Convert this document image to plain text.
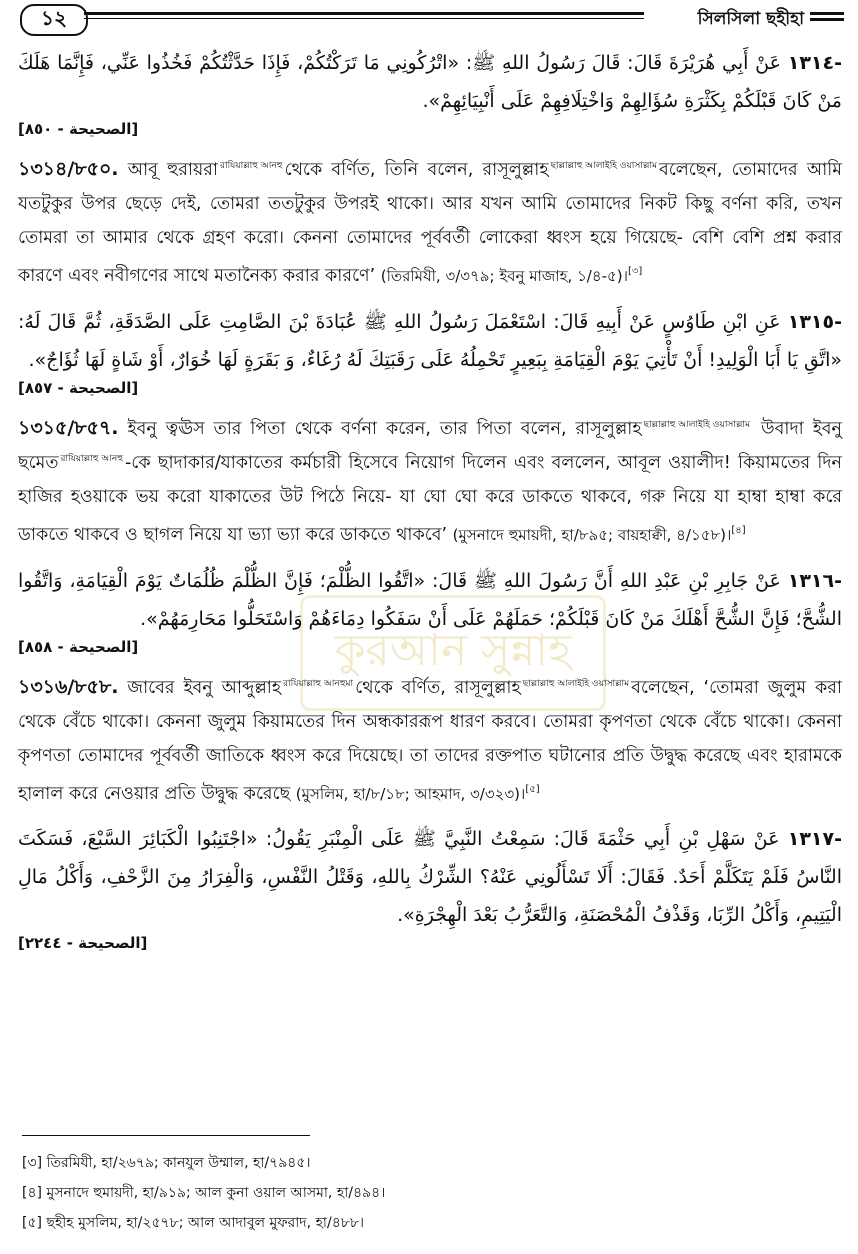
১২	সিলসিলা ছহীহা
কুরআন সুন্নাহ

-١٣١٤ عَنْ أَبِي هُرَيْرَةَ قَالَ: قَالَ رَسُولُ اللهِ ﷺ: «اتْرُكُونِي مَا تَرَكْتُكُمْ، فَإِذَا حَدَّثْتُكُمْ فَخُذُوا عَنِّي، فَإِنَّمَا هَلَكَ مَنْ كَانَ قَبْلَكُمْ بِكَثْرَةِ سُؤَالِهِمْ وَاخْتِلَافِهِمْ عَلَى أَنْبِيَائِهِمْ».

[الصحيحة - ٨٥٠]

১৩১৪/৮৫০. আবূ হুরায়রা রাযিয়াল্লাহু আনহু থেকে বর্ণিত, তিনি বলেন, রাসূলুল্লাহ ছাল্লাল্লাহু আলাইহি ওয়াসাল্লাম বলেছেন, তোমাদের আমি যতটুকুর উপর ছেড়ে দেই, তোমরা ততটুকুর উপরই থাকো। আর যখন আমি তোমাদের নিকট কিছু বর্ণনা করি, তখন তোমরা তা আমার থেকে গ্রহণ করো। কেননা তোমাদের পূর্ববর্তী লোকেরা ধ্বংস হয়ে গিয়েছে- বেশি বেশি প্রশ্ন করার কারণে এবং নবীগণের সাথে মতানৈক্য করার কারণে’ (তিরমিযী, ৩/৩৭৯; ইবনু মাজাহ, ১/৪-৫)।[৩]

-١٣١٥ عَنِ ابْنِ طَاوُسٍ عَنْ أَبِيهِ قَالَ: اسْتَعْمَلَ رَسُولُ اللهِ ﷺ عُبَادَةَ بْنَ الصَّامِتِ عَلَى الصَّدَقَةِ، ثُمَّ قَالَ لَهُ: «اتَّقِ يَا أَبَا الْوَلِيدِ! أَنْ تَأْتِيَ يَوْمَ الْقِيَامَةِ بِبَعِيرٍ تَحْمِلُهُ عَلَى رَقَبَتِكَ لَهُ رُغَاءٌ، وَ بَقَرَةٍ لَهَا خُوَارٌ، أَوْ شَاةٍ لَهَا ثُؤَاجٌ».

[الصحيحة - ٨٥٧]

১৩১৫/৮৫৭. ইবনু ত্বঊস তার পিতা থেকে বর্ণনা করেন, তার পিতা বলেন, রাসূলুল্লাহ ছাল্লাল্লাহু আলাইহি ওয়াসাল্লাম উবাদা ইবনু ছমেত রাযিয়াল্লাহু আনহু -কে ছাদাকার/যাকাতের কর্মচারী হিসেবে নিয়োগ দিলেন এবং বললেন, আবূল ওয়ালীদ! কিয়ামতের দিন হাজির হওয়াকে ভয় করো যাকাতের উট পিঠে নিয়ে- যা ঘো ঘো করে ডাকতে থাকবে, গরু নিয়ে যা হাম্বা হাম্বা করে ডাকতে থাকবে ও ছাগল নিয়ে যা ভ্যা ভ্যা করে ডাকতে থাকবে’ (মুসনাদে হুমায়দী, হা/৮৯৫; বায়হাক্বী, ৪/১৫৮)।[৪]

-١٣١٦ عَنْ جَابِرِ بْنِ عَبْدِ اللهِ أَنَّ رَسُولَ اللهِ ﷺ قَالَ: «اتَّقُوا الظُّلْمَ؛ فَإِنَّ الظُّلْمَ ظُلُمَاتٌ يَوْمَ الْقِيَامَةِ، وَاتَّقُوا الشُّحَّ؛ فَإِنَّ الشُّحَّ أَهْلَكَ مَنْ كَانَ قَبْلَكُمْ؛ حَمَلَهُمْ عَلَى أَنْ سَفَكُوا دِمَاءَهُمْ وَاسْتَحَلُّوا مَحَارِمَهُمْ».

[الصحيحة - ٨٥٨]

১৩১৬/৮৫৮. জাবের ইবনু আব্দুল্লাহ রাযিয়াল্লাহু আনহুমা থেকে বর্ণিত, রাসূলুল্লাহ ছাল্লাল্লাহু আলাইহি ওয়াসাল্লাম বলেছেন, ‘তোমরা জুলুম করা থেকে বেঁচে থাকো। কেননা জুলুম কিয়ামতের দিন অন্ধকাররূপ ধারণ করবে। তোমরা কৃপণতা থেকে বেঁচে থাকো। কেননা কৃপণতা তোমাদের পূর্ববর্তী জাতিকে ধ্বংস করে দিয়েছে। তা তাদের রক্তপাত ঘটানোর প্রতি উদ্বুদ্ধ করেছে এবং হারামকে হালাল করে নেওয়ার প্রতি উদ্বুদ্ধ করেছে (মুসলিম, হা/৮/১৮; আহমাদ, ৩/৩২৩)।[৫]

-١٣١٧ عَنْ سَهْلِ بْنِ أَبِي حَثْمَةَ قَالَ: سَمِعْتُ النَّبِيَّ ﷺ عَلَى الْمِنْبَرِ يَقُولُ: «اجْتَنِبُوا الْكَبَائِرَ السَّبْعَ، فَسَكَتَ النَّاسُ فَلَمْ يَتَكَلَّمْ أَحَدٌ. فَقَالَ: أَلَا تَسْأَلُونِي عَنْهُ؟ الشِّرْكُ بِاللهِ، وَقَتْلُ النَّفْسِ، وَالْفِرَارُ مِنَ الزَّحْفِ، وَأَكْلُ مَالِ الْيَتِيمِ، وَأَكْلُ الرِّبَا، وَقَذْفُ الْمُحْصَنَةِ، وَالتَّعَرُّبُ بَعْدَ الْهِجْرَةِ».

[الصحيحة - ٢٢٤٤]

[৩] তিরমিযী, হা/২৬৭৯; কানযুল উম্মাল, হা/৭৯৪৫।
[৪] মুসনাদে হুমায়দী, হা/৯১৯; আল কুনা ওয়াল আসমা, হা/৪৯৪।
[৫] ছহীহ মুসলিম, হা/২৫৭৮; আল আদাবুল মুফরাদ, হা/৪৮৮।
